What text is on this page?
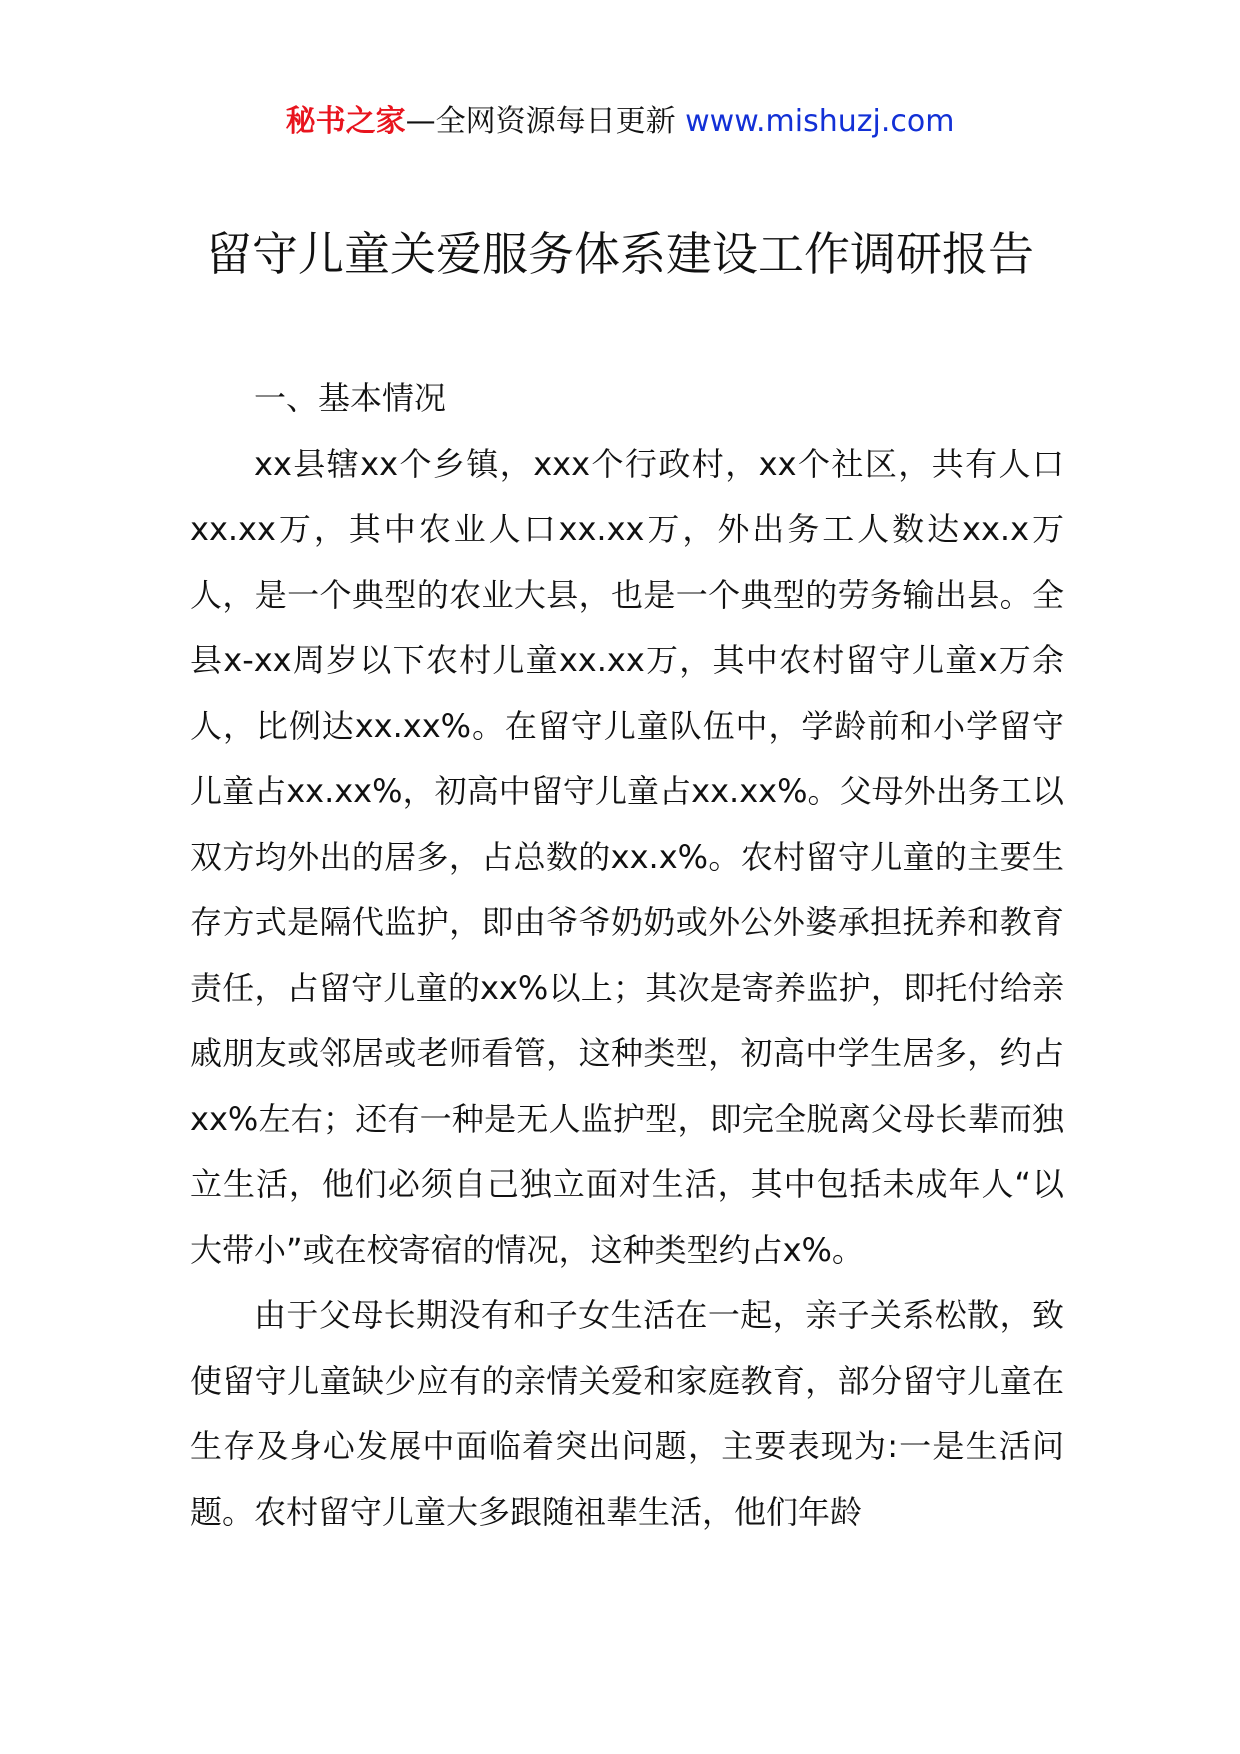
秘书之家—全网资源每日更新 www.mishuzj.com
留守儿童关爱服务体系建设工作调研报告
一、基本情况

xx县辖xx个乡镇，xxx个行政村，xx个社区，共有人口xx.xx万，其中农业人口xx.xx万，外出务工人数达xx.x万人，是一个典型的农业大县，也是一个典型的劳务输出县。全县x-xx周岁以下农村儿童xx.xx万，其中农村留守儿童x万余人，比例达xx.xx%。在留守儿童队伍中，学龄前和小学留守儿童占xx.xx%，初高中留守儿童占xx.xx%。父母外出务工以双方均外出的居多，占总数的xx.x%。农村留守儿童的主要生存方式是隔代监护，即由爷爷奶奶或外公外婆承担抚养和教育责任，占留守儿童的xx%以上；其次是寄养监护，即托付给亲戚朋友或邻居或老师看管，这种类型，初高中学生居多，约占xx%左右；还有一种是无人监护型，即完全脱离父母长辈而独立生活，他们必须自己独立面对生活，其中包括未成年人“以大带小”或在校寄宿的情况，这种类型约占x%。

由于父母长期没有和子女生活在一起，亲子关系松散，致使留守儿童缺少应有的亲情关爱和家庭教育，部分留守儿童在生存及身心发展中面临着突出问题，主要表现为:一是生活问题。农村留守儿童大多跟随祖辈生活，他们年龄
